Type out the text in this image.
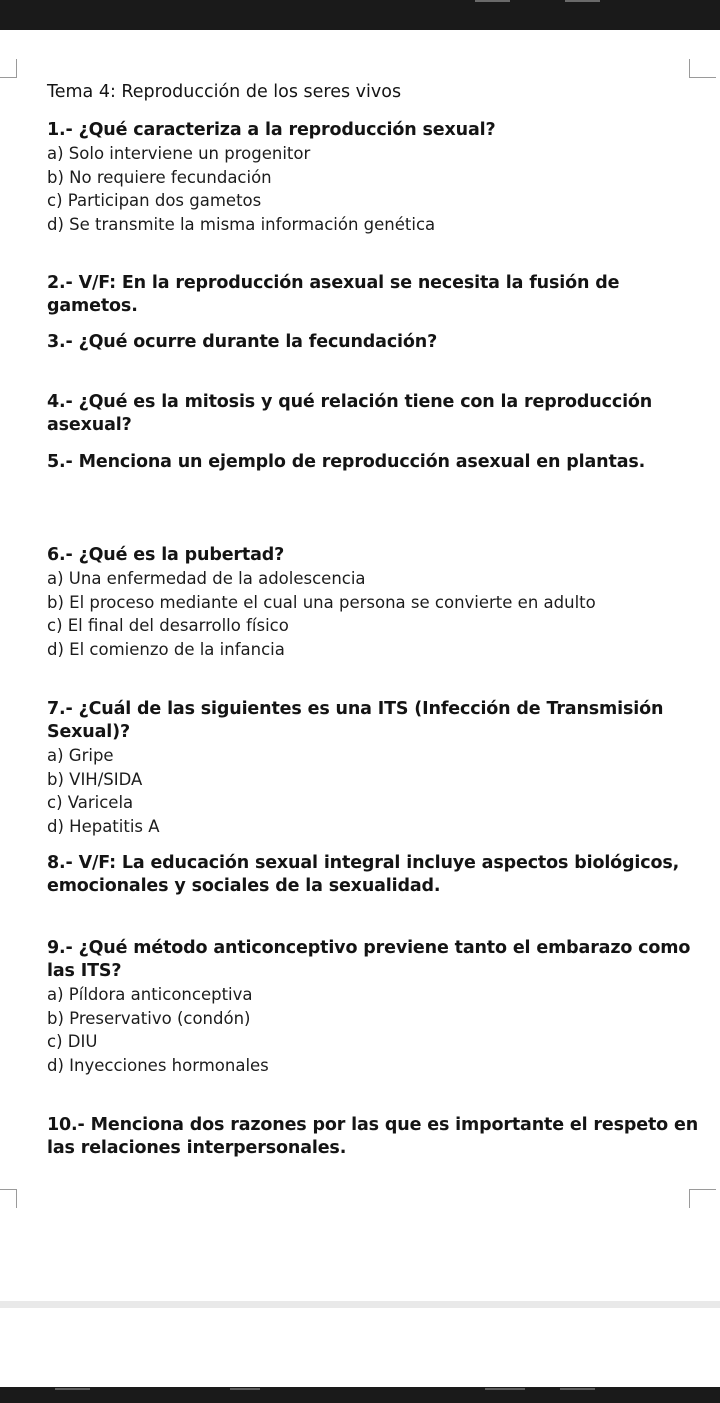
Tema 4: Reproducción de los seres vivos
1.- ¿Qué caracteriza a la reproducción sexual?

a) Solo interviene un progenitor

b) No requiere fecundación

c) Participan dos gametos

d) Se transmite la misma información genética

2.- V/F: En la reproducción asexual se necesita la fusión de gametos.
3.- ¿Qué ocurre durante la fecundación?
4.- ¿Qué es la mitosis y qué relación tiene con la reproducción asexual?
5.- Menciona un ejemplo de reproducción asexual en plantas.
6.- ¿Qué es la pubertad?

a) Una enfermedad de la adolescencia

b) El proceso mediante el cual una persona se convierte en adulto

c) El final del desarrollo físico

d) El comienzo de la infancia

7.- ¿Cuál de las siguientes es una ITS (Infección de Transmisión Sexual)?

a) Gripe

b) VIH/SIDA

c) Varicela

d) Hepatitis A

8.- V/F: La educación sexual integral incluye aspectos biológicos, emocionales y sociales de la sexualidad.
9.- ¿Qué método anticonceptivo previene tanto el embarazo como las ITS?

a) Píldora anticonceptiva

b) Preservativo (condón)

c) DIU

d) Inyecciones hormonales

10.- Menciona dos razones por las que es importante el respeto en las relaciones interpersonales.
